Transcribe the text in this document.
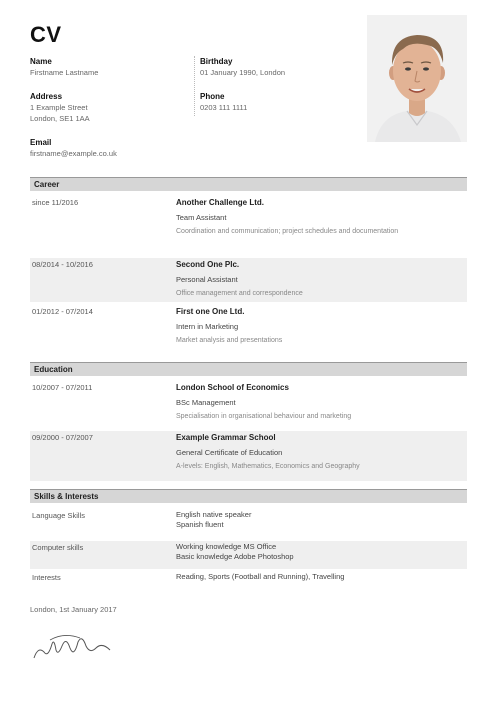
CV
Name
Firstname Lastname
Address
1 Example Street
London, SE1 1AA
Email
firstname@example.co.uk
Birthday
01 January 1990, London
Phone
0203 111 1111
Career
since 11/2016	Another Challenge Ltd.
Team Assistant
Coordination and communication; project schedules and documentation
08/2014 - 10/2016	Second One Plc.
Personal Assistant
Office management and correspondence
01/2012 - 07/2014	First one One Ltd.
Intern in Marketing
Market analysis and presentations
Education
10/2007 - 07/2011	London School of Economics
BSc Management
Specialisation in organisational behaviour and marketing
09/2000 - 07/2007	Example Grammar School
General Certificate of Education
A-levels: English, Mathematics, Economics and Geography
Skills & Interests
Language Skills	English native speaker
Spanish fluent
Computer skills	Working knowledge MS Office
Basic knowledge Adobe Photoshop
Interests	Reading, Sports (Football and Running), Travelling
London, 1st January 2017
